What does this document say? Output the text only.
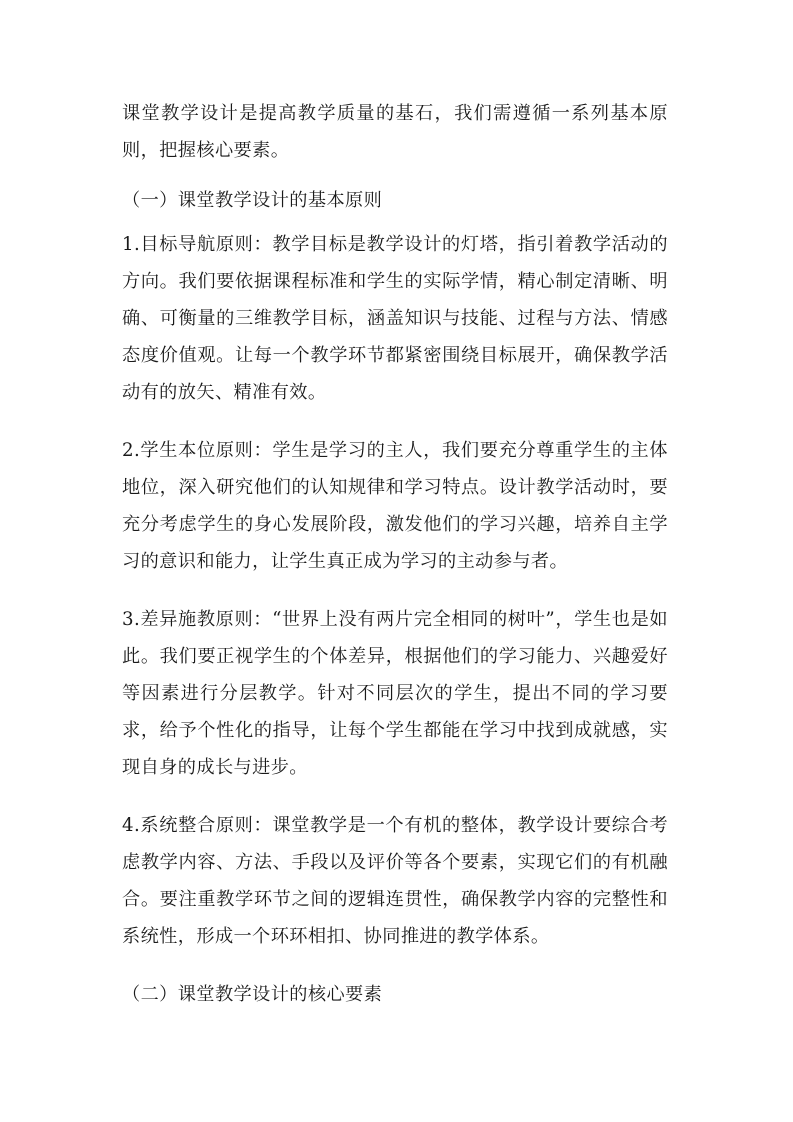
课堂教学设计是提高教学质量的基石，我们需遵循一系列基本原则，把握核心要素。

（一）课堂教学设计的基本原则

1.目标导航原则：教学目标是教学设计的灯塔，指引着教学活动的方向。我们要依据课程标准和学生的实际学情，精心制定清晰、明确、可衡量的三维教学目标，涵盖知识与技能、过程与方法、情感态度价值观。让每一个教学环节都紧密围绕目标展开，确保教学活动有的放矢、精准有效。

2.学生本位原则：学生是学习的主人，我们要充分尊重学生的主体地位，深入研究他们的认知规律和学习特点。设计教学活动时，要充分考虑学生的身心发展阶段，激发他们的学习兴趣，培养自主学习的意识和能力，让学生真正成为学习的主动参与者。

3.差异施教原则：“世界上没有两片完全相同的树叶”，学生也是如此。我们要正视学生的个体差异，根据他们的学习能力、兴趣爱好等因素进行分层教学。针对不同层次的学生，提出不同的学习要求，给予个性化的指导，让每个学生都能在学习中找到成就感，实现自身的成长与进步。

4.系统整合原则：课堂教学是一个有机的整体，教学设计要综合考虑教学内容、方法、手段以及评价等各个要素，实现它们的有机融合。要注重教学环节之间的逻辑连贯性，确保教学内容的完整性和系统性，形成一个环环相扣、协同推进的教学体系。

（二）课堂教学设计的核心要素
